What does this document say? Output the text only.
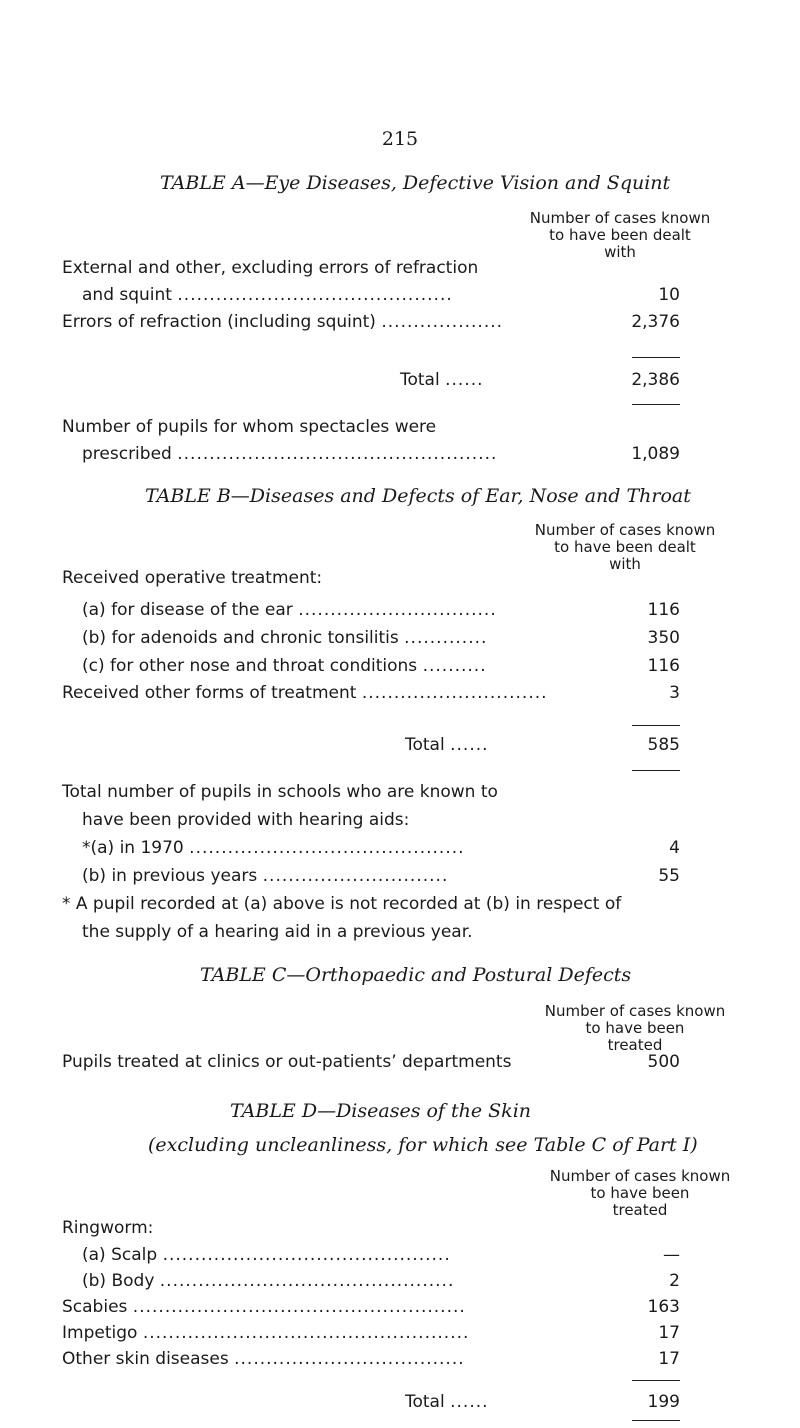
215
TABLE A—Eye Diseases, Defective Vision and Squint
Number of cases known
to have been dealt
with
External and other, excluding errors of refraction
and squint ...........................................	10
Errors of refraction (including squint) ...................	2,376
Total ......	2,386
Number of pupils for whom spectacles were
prescribed ..................................................	1,089
TABLE B—Diseases and Defects of Ear, Nose and Throat
Number of cases known
to have been dealt
with
Received operative treatment:
(a) for disease of the ear ...............................	116
(b) for adenoids and chronic tonsilitis .............	350
(c) for other nose and throat conditions ..........	116
Received other forms of treatment .............................	3
Total ......	585
Total number of pupils in schools who are known to
have been provided with hearing aids:
*(a) in 1970 ...........................................	4
(b) in previous years .............................	55
* A pupil recorded at (a) above is not recorded at (b) in respect of
the supply of a hearing aid in a previous year.
TABLE C—Orthopaedic and Postural Defects
Number of cases known
to have been
treated
Pupils treated at clinics or out-patients’ departments	500
TABLE D—Diseases of the Skin
(excluding uncleanliness, for which see Table C of Part I)
Number of cases known
to have been
treated
Ringworm:
(a) Scalp .............................................	—
(b) Body ..............................................	2
Scabies ....................................................	163
Impetigo ...................................................	17
Other skin diseases ....................................	17
Total ......	199
